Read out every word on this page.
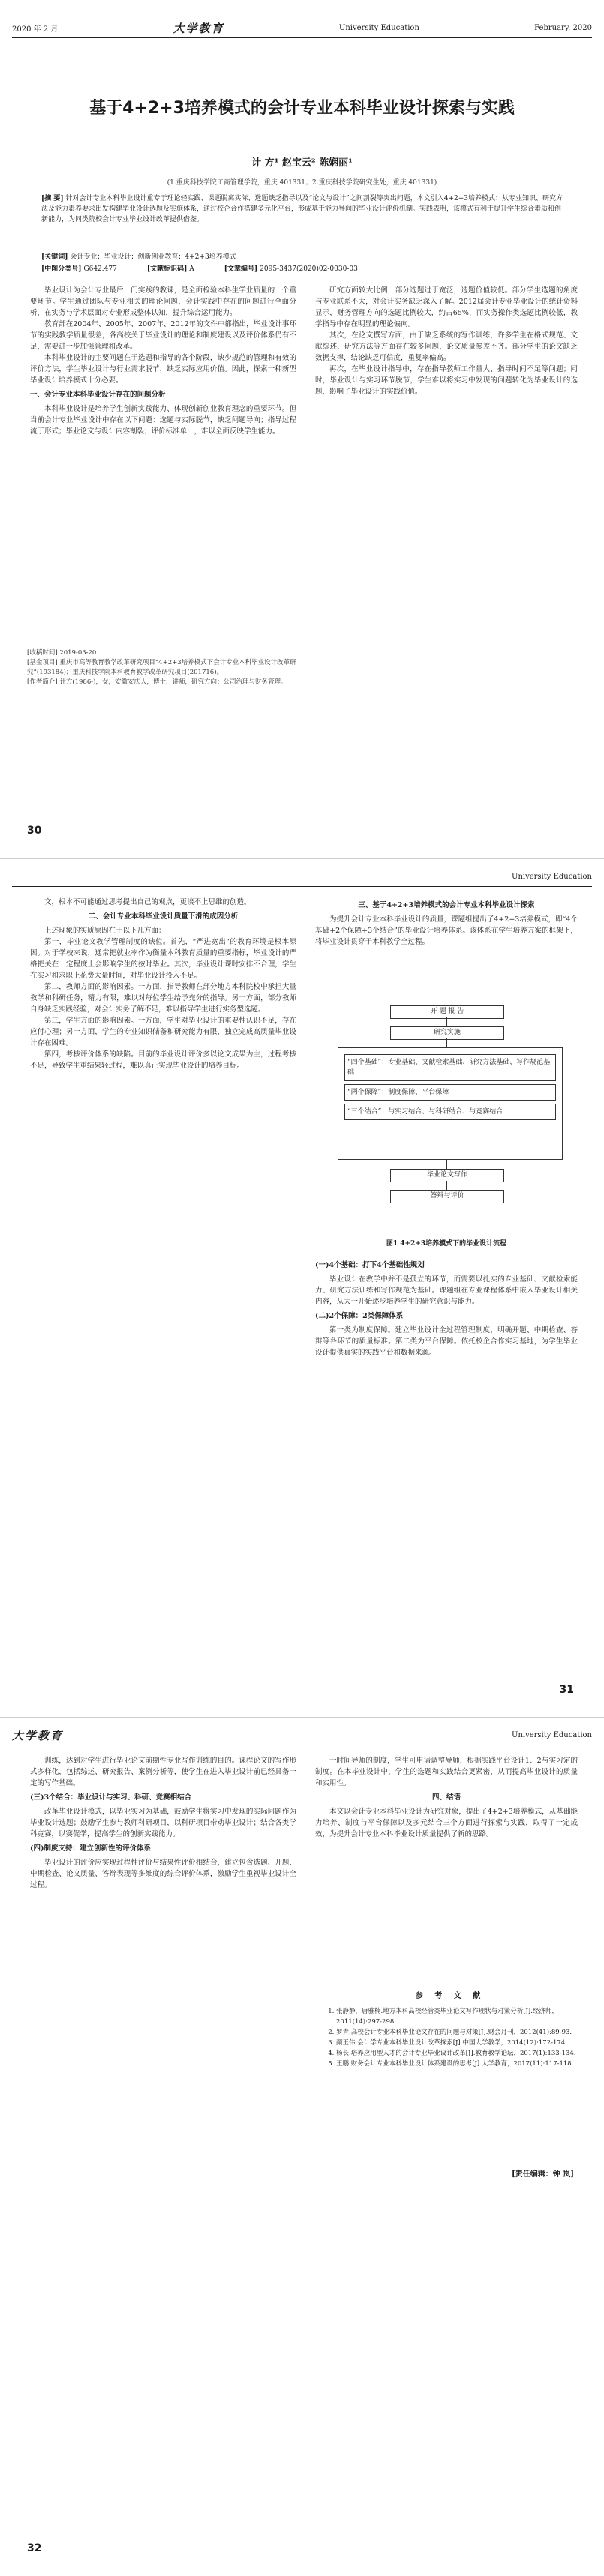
2020 年 2 月	大学教育	University Education	February, 2020
基于4+2+3培养模式的会计专业本科毕业设计探索与实践
计 方¹ 赵宝云² 陈娴丽¹
(1.重庆科技学院工商管理学院，重庆 401331；2.重庆科技学院研究生处，重庆 401331)
[摘 要] 针对会计专业本科毕业设计重专于理论轻实践、课题脱离实际、选题缺乏指导以及“论文与设计”之间割裂等突出问题，本文引入4+2+3培养模式：从专业知识、研究方法及能力素养要求出发构建毕业设计选题及实施体系，通过校企合作搭建多元化平台，形成基于能力导向的毕业设计评价机制。实践表明，该模式有利于提升学生综合素质和创新能力，为同类院校会计专业毕业设计改革提供借鉴。
[关键词] 会计专业；毕业设计；创新创业教育；4+2+3培养模式
[中图分类号] G642.477	[文献标识码] A	[文章编号] 2095-3437(2020)02-0030-03

毕业设计为会计专业最后一门实践的教课，是全面检验本科生学业质量的一个重要环节。学生通过团队与专业相关的理论问题，会计实践中存在的问题进行全面分析，在实务与学术层面对专业形成整体认知，提升综合运用能力。

教育部在2004年、2005年、2007年、2012年的文件中都指出，毕业设计事环节的实践教学质量很差，各高校关于毕业设计的理论和制度建设以及评价体系仍有不足，需要进一步加强管理和改革。

本科毕业设计的主要问题在于选题和指导的各个阶段，缺少规范的管理和有效的评价方法，学生毕业设计与行业需求脱节，缺乏实际应用价值。因此，探索一种新型毕业设计培养模式十分必要。

一、会计专业本科毕业设计存在的问题分析

本科毕业设计是培养学生创新实践能力、体现创新创业教育理念的重要环节。但当前会计专业毕业设计中存在以下问题：选题与实际脱节，缺乏问题导向；指导过程流于形式；毕业论文与设计内容割裂；评价标准单一，难以全面反映学生能力。

研究方面较大比例，部分选题过于宽泛，选题价值较低。部分学生选题的角度与专业联系不大，对会计实务缺乏深入了解。2012届会计专业毕业设计的统计资料显示，财务管理方向的选题比例较大，约占65%，而实务操作类选题比例较低，教学指导中存在明显的理论偏向。

其次，在论文撰写方面，由于缺乏系统的写作训练，许多学生在格式规范、文献综述、研究方法等方面存在较多问题，论文质量参差不齐。部分学生的论文缺乏数据支撑，结论缺乏可信度，重复率偏高。

再次，在毕业设计指导中，存在指导教师工作量大、指导时间不足等问题；同时，毕业设计与实习环节脱节，学生难以将实习中发现的问题转化为毕业设计的选题，影响了毕业设计的实践价值。

[收稿时间] 2019-03-20
[基金项目] 重庆市高等教育教学改革研究项目“4+2+3培养模式下会计专业本科毕业设计改革研究”(193184)；重庆科技学院本科教育教学改革研究项目(201716)。
[作者简介] 计方(1986-)，女，安徽安庆人，博士，讲师，研究方向：公司治理与财务管理。
30
University Education

文，根本不可能通过思考提出自己的观点，更谈不上思维的创造。

二、会计专业本科毕业设计质量下滑的成因分析

上述现象的实质原因在于以下几方面：

第一，毕业论文教学管理制度的缺位。首先，“严进宽出”的教育环境是根本原因。对于学校来说，通常把就业率作为衡量本科教育质量的重要指标，毕业设计的严格把关在一定程度上会影响学生的按时毕业。其次，毕业设计课时安排不合理，学生在实习和求职上花费大量时间，对毕业设计投入不足。

第二，教师方面的影响因素。一方面，指导教师在部分地方本科院校中承担大量教学和科研任务，精力有限，难以对每位学生给予充分的指导。另一方面，部分教师自身缺乏实践经验，对会计实务了解不足，难以指导学生进行实务型选题。

第三，学生方面的影响因素。一方面，学生对毕业设计的重要性认识不足，存在应付心理；另一方面，学生的专业知识储备和研究能力有限，独立完成高质量毕业设计存在困难。

第四，考核评价体系的缺陷。目前的毕业设计评价多以论文成果为主，过程考核不足，导致学生重结果轻过程，难以真正实现毕业设计的培养目标。

三、基于4+2+3培养模式的会计专业本科毕业设计探索

为提升会计专业本科毕业设计的质量，课题组提出了4+2+3培养模式，即“4个基础+2个保障+3个结合”的毕业设计培养体系。该体系在学生培养方案的框架下，将毕业设计贯穿于本科教学全过程。

开 题 报 告
研究实施
“四个基础”：专业基础、文献检索基础、研究方法基础、写作规范基础
“两个保障”：制度保障、平台保障
“三个结合”：与实习结合、与科研结合、与竞赛结合
毕业论文写作
答辩与评价
图1 4+2+3培养模式下的毕业设计流程

(一)4个基础：打下4个基础性规划

毕业设计在教学中并不是孤立的环节，而需要以扎实的专业基础、文献检索能力、研究方法训练和写作规范为基础。课题组在专业课程体系中嵌入毕业设计相关内容，从大一开始逐步培养学生的研究意识与能力。

(二)2个保障：2类保障体系

第一类为制度保障。建立毕业设计全过程管理制度，明确开题、中期检查、答辩等各环节的质量标准。第二类为平台保障。依托校企合作实习基地，为学生毕业设计提供真实的实践平台和数据来源。

31
大学教育	University Education

训练，达到对学生进行毕业论文前期性专业写作训练的目的。课程论文的写作形式多样化，包括综述、研究报告、案例分析等，使学生在进入毕业设计前已经具备一定的写作基础。

(三)3个结合：毕业设计与实习、科研、竞赛相结合

改革毕业设计模式，以毕业实习为基础，鼓励学生将实习中发现的实际问题作为毕业设计选题；鼓励学生参与教师科研项目，以科研项目带动毕业设计；结合各类学科竞赛，以赛促学，提高学生的创新实践能力。

(四)制度支持：建立创新性的评价体系

毕业设计的评价应实现过程性评价与结果性评价相结合，建立包含选题、开题、中期检查、论文质量、答辩表现等多维度的综合评价体系，激励学生重视毕业设计全过程。

一时间导师的制度，学生可申请调整导师，根据实践平台设计1、2与实习定的制度。在本毕业设计中，学生的选题和实践结合更紧密，从而提高毕业设计的质量和实用性。

四、结语

本文以会计专业本科毕业设计为研究对象，提出了4+2+3培养模式，从基础能力培养、制度与平台保障以及多元结合三个方面进行探索与实践，取得了一定成效，为提升会计专业本科毕业设计质量提供了新的思路。

参 考 文 献
1. 张静静，唐雅楠.地方本科高校经管类毕业论文写作现状与对策分析[J].经济师，2011(14):297-298.
2. 罗青.高校会计专业本科毕业论文存在的问题与对策[J].财会月刊，2012(41):89-93.
3. 颜玉伟.会计学专业本科毕业设计改革探索[J].中国大学教学，2014(12):172-174.
4. 杨长.培养应用型人才的会计专业毕业设计改革[J].教育教学论坛，2017(1):133-134.
5. 王鹏.财务会计专业本科毕业设计体系建设的思考[J].大学教育，2017(11):117-118.
[责任编辑：钟 岚]
32
